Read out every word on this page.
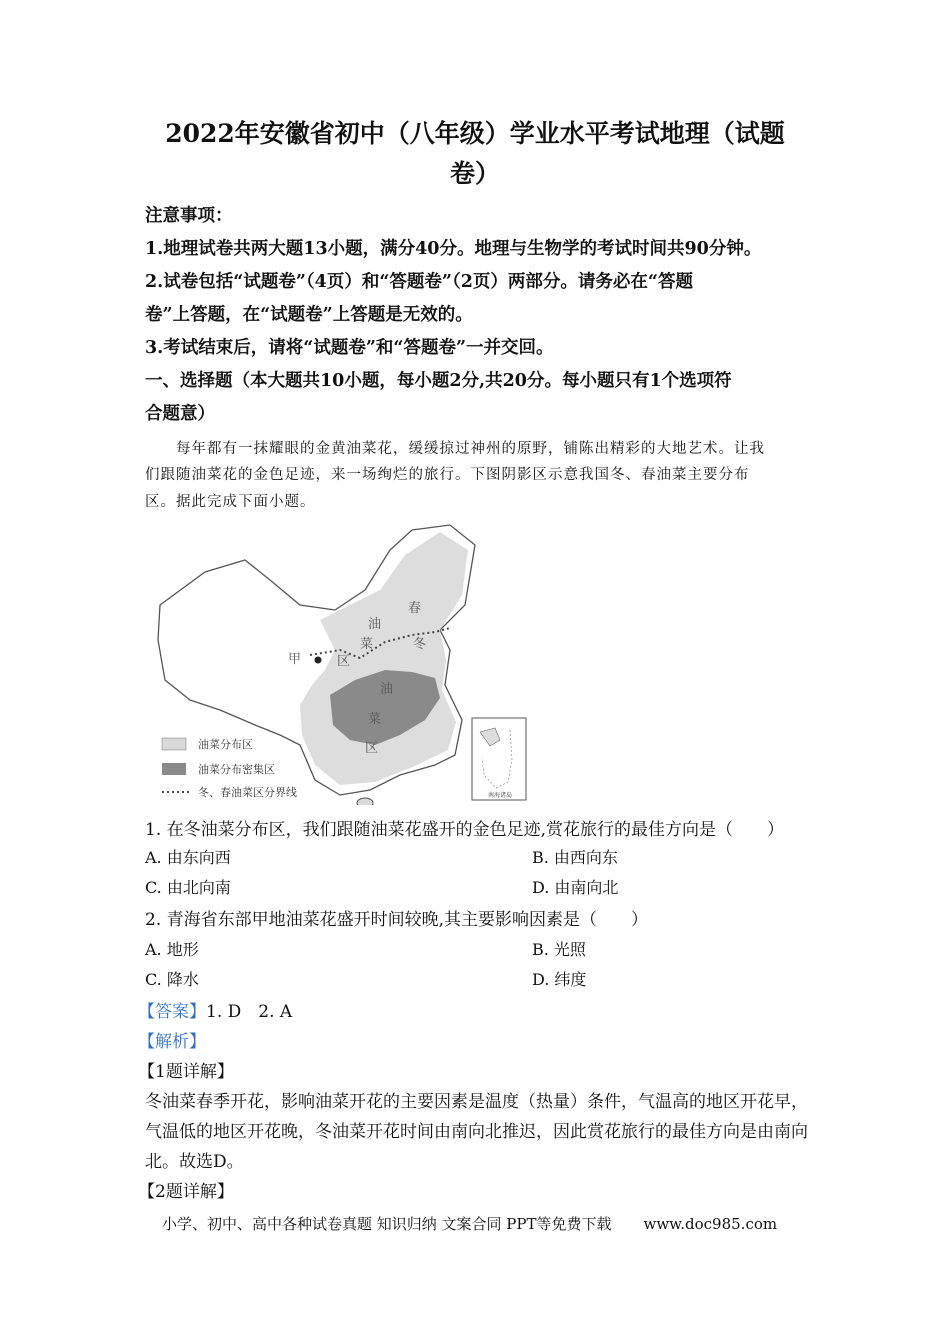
2022年安徽省初中（八年级）学业水平考试地理（试题
卷）
注意事项：
1.地理试卷共两大题13小题，满分40分。地理与生物学的考试时间共90分钟。
2.试卷包括“试题卷”（4页）和“答题卷”（2页）两部分。请务必在“答题
卷”上答题，在“试题卷”上答题是无效的。
3.考试结束后，请将“试题卷”和“答题卷”一并交回。
一、选择题（本大题共10小题，每小题2分,共20分。每小题只有1个选项符
合题意）
每年都有一抹耀眼的金黄油菜花，缓缓掠过神州的原野，铺陈出精彩的大地艺术。让我
们跟随油菜花的金色足迹，来一场绚烂的旅行。下图阴影区示意我国冬、春油菜主要分布
区。据此完成下面小题。
春
油
菜
区
冬
油
菜
区
甲
油菜分布区
油菜分布密集区
冬、春油菜区分界线	南海诸岛
1. 在冬油菜分布区，我们跟随油菜花盛开的金色足迹,赏花旅行的最佳方向是（　　）
A. 由东向西	B. 由西向东
C. 由北向南	D. 由南向北
2. 青海省东部甲地油菜花盛开时间较晚,其主要影响因素是（　　）
A. 地形	B. 光照
C. 降水	D. 纬度
【答案】1. D　2. A
【解析】
【1题详解】
冬油菜春季开花，影响油菜开花的主要因素是温度（热量）条件，气温高的地区开花早，
气温低的地区开花晚，冬油菜开花时间由南向北推迟，因此赏花旅行的最佳方向是由南向
北。故选D。
【2题详解】
小学、初中、高中各种试卷真题 知识归纳 文案合同 PPT等免费下载 www.doc985.com
